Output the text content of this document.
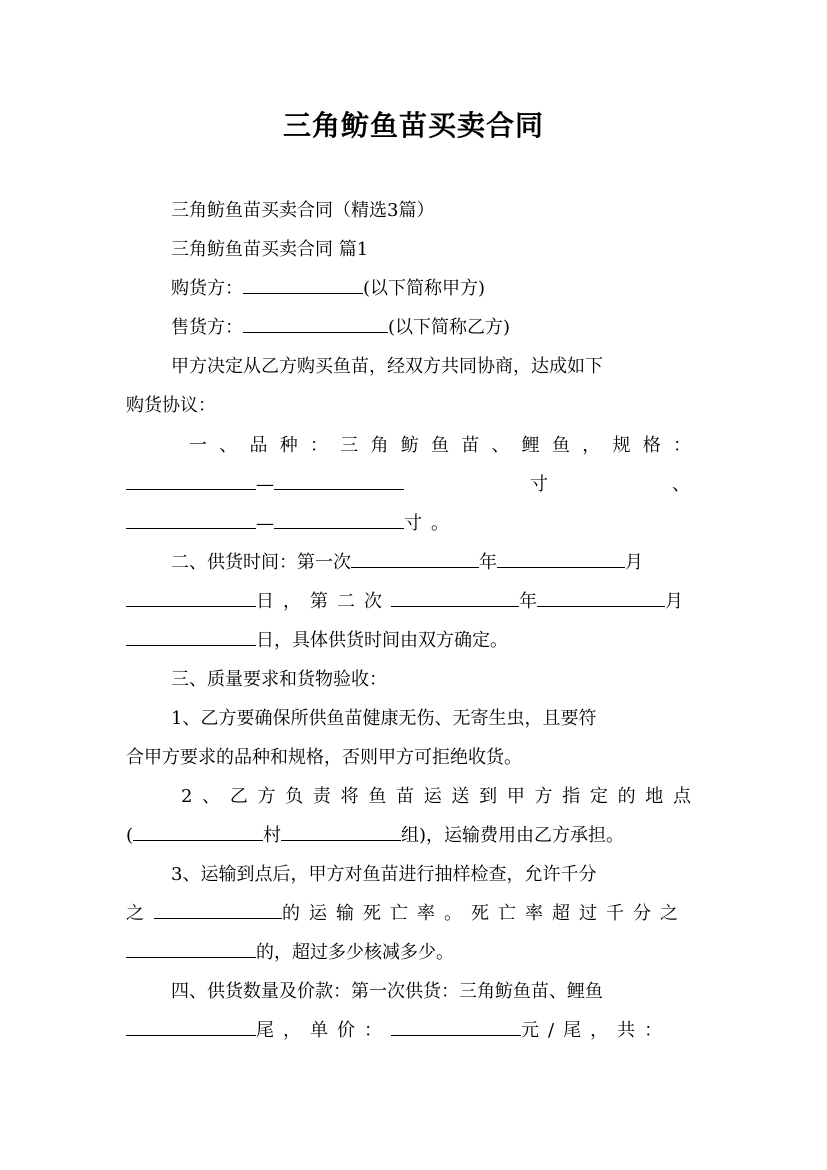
三角鲂鱼苗买卖合同
三角鲂鱼苗买卖合同（精选3篇）
三角鲂鱼苗买卖合同 篇1
购货方：	(以下简称甲方)
售货方：	(以下简称乙方)
甲方决定从乙方购买鱼苗，经双方共同协商，达成如下
购货协议：
一、品种：三角鲂鱼苗、鲤鱼，规格：
—	寸	、
—	寸。
二、供货时间：第一次	年	月
日，第二次	年	月
日，具体供货时间由双方确定。
三、质量要求和货物验收：
1、乙方要确保所供鱼苗健康无伤、无寄生虫，且要符
合甲方要求的品种和规格，否则甲方可拒绝收货。
2、乙方负责将鱼苗运送到甲方指定的地点
(	村	组)，运输费用由乙方承担。
3、运输到点后，甲方对鱼苗进行抽样检查，允许千分
之	的运输死亡率。死亡率超过千分之
的，超过多少核减多少。
四、供货数量及价款：第一次供货：三角鲂鱼苗、鲤鱼
尾，单价：	元/尾，共：
